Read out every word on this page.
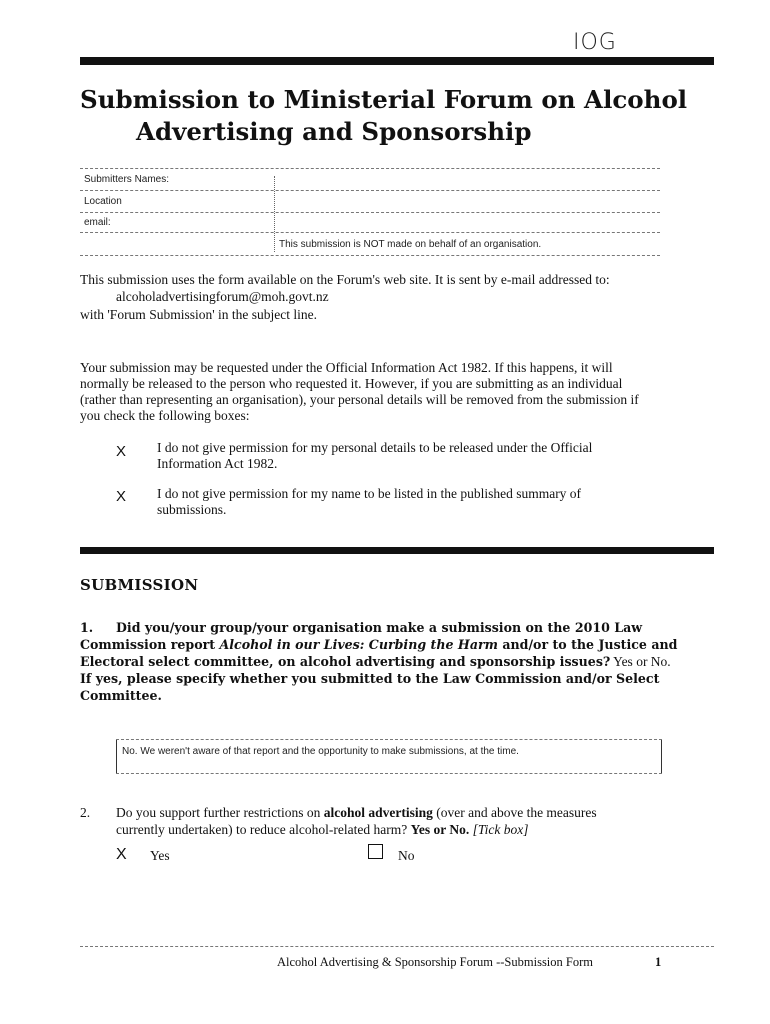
IOG
Submission to Ministerial Forum on Alcohol
Advertising and Sponsorship
Submitters Names:
Location
email:
This submission is NOT made on behalf of an organisation.
This submission uses the form available on the Forum's web site. It is sent by e-mail addressed to:
alcoholadvertisingforum@moh.govt.nz
with 'Forum Submission' in the subject line.
Your submission may be requested under the Official Information Act 1982. If this happens, it will
normally be released to the person who requested it. However, if you are submitting as an individual
(rather than representing an organisation), your personal details will be removed from the submission if
you check the following boxes:
X I do not give permission for my personal details to be released under the Official
Information Act 1982.
X I do not give permission for my name to be listed in the published summary of
submissions.
SUBMISSION
1. Did you/your group/your organisation make a submission on the 2010 Law
Commission report Alcohol in our Lives: Curbing the Harm and/or to the Justice and
Electoral select committee, on alcohol advertising and sponsorship issues? Yes or No.
If yes, please specify whether you submitted to the Law Commission and/or Select
Committee.
No. We weren't aware of that report and the opportunity to make submissions, at the time.
2. Do you support further restrictions on alcohol advertising (over and above the measures
currently undertaken) to reduce alcohol-related harm? Yes or No. [Tick box]
X Yes	No
Alcohol Advertising & Sponsorship Forum --Submission Form	1
